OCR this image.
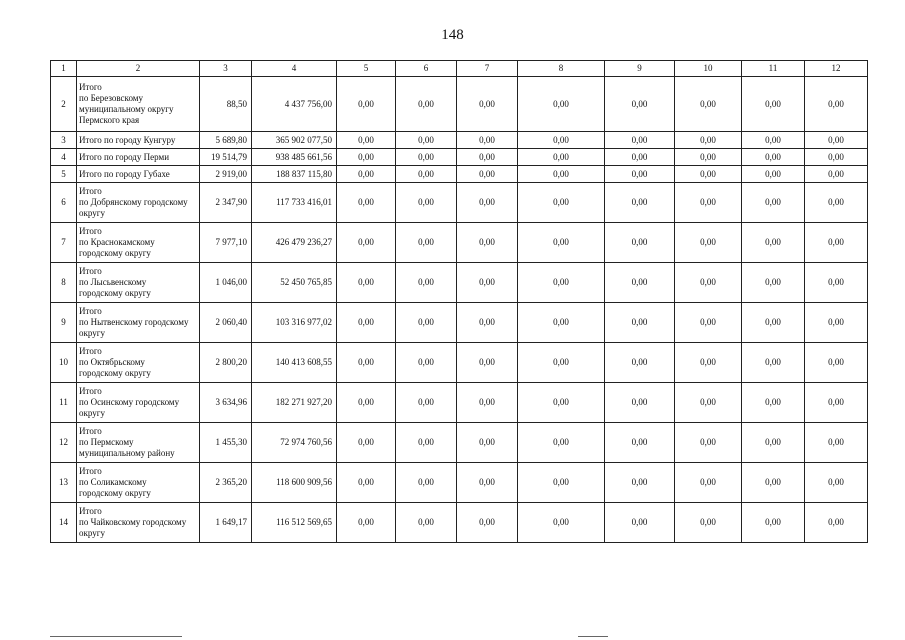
148
1	2	3	4	5	6	7	8	9	10	11	12
2	Итого
по Березовскому
муниципальному округу
Пермского края	88,50	4 437 756,00	0,00	0,00	0,00	0,00	0,00	0,00	0,00	0,00
3	Итого по городу Кунгуру	5 689,80	365 902 077,50	0,00	0,00	0,00	0,00	0,00	0,00	0,00	0,00
4	Итого по городу Перми	19 514,79	938 485 661,56	0,00	0,00	0,00	0,00	0,00	0,00	0,00	0,00
5	Итого по городу Губахе	2 919,00	188 837 115,80	0,00	0,00	0,00	0,00	0,00	0,00	0,00	0,00
6	Итого
по Добрянскому городскому
округу	2 347,90	117 733 416,01	0,00	0,00	0,00	0,00	0,00	0,00	0,00	0,00
7	Итого
по Краснокамскому
городскому округу	7 977,10	426 479 236,27	0,00	0,00	0,00	0,00	0,00	0,00	0,00	0,00
8	Итого
по Лысьвенскому
городскому округу	1 046,00	52 450 765,85	0,00	0,00	0,00	0,00	0,00	0,00	0,00	0,00
9	Итого
по Нытвенскому городскому
округу	2 060,40	103 316 977,02	0,00	0,00	0,00	0,00	0,00	0,00	0,00	0,00
10	Итого
по Октябрьскому
городскому округу	2 800,20	140 413 608,55	0,00	0,00	0,00	0,00	0,00	0,00	0,00	0,00
11	Итого
по Осинскому городскому
округу	3 634,96	182 271 927,20	0,00	0,00	0,00	0,00	0,00	0,00	0,00	0,00
12	Итого
по Пермскому
муниципальному району	1 455,30	72 974 760,56	0,00	0,00	0,00	0,00	0,00	0,00	0,00	0,00
13	Итого
по Соликамскому
городскому округу	2 365,20	118 600 909,56	0,00	0,00	0,00	0,00	0,00	0,00	0,00	0,00
14	Итого
по Чайковскому городскому
округу	1 649,17	116 512 569,65	0,00	0,00	0,00	0,00	0,00	0,00	0,00	0,00
